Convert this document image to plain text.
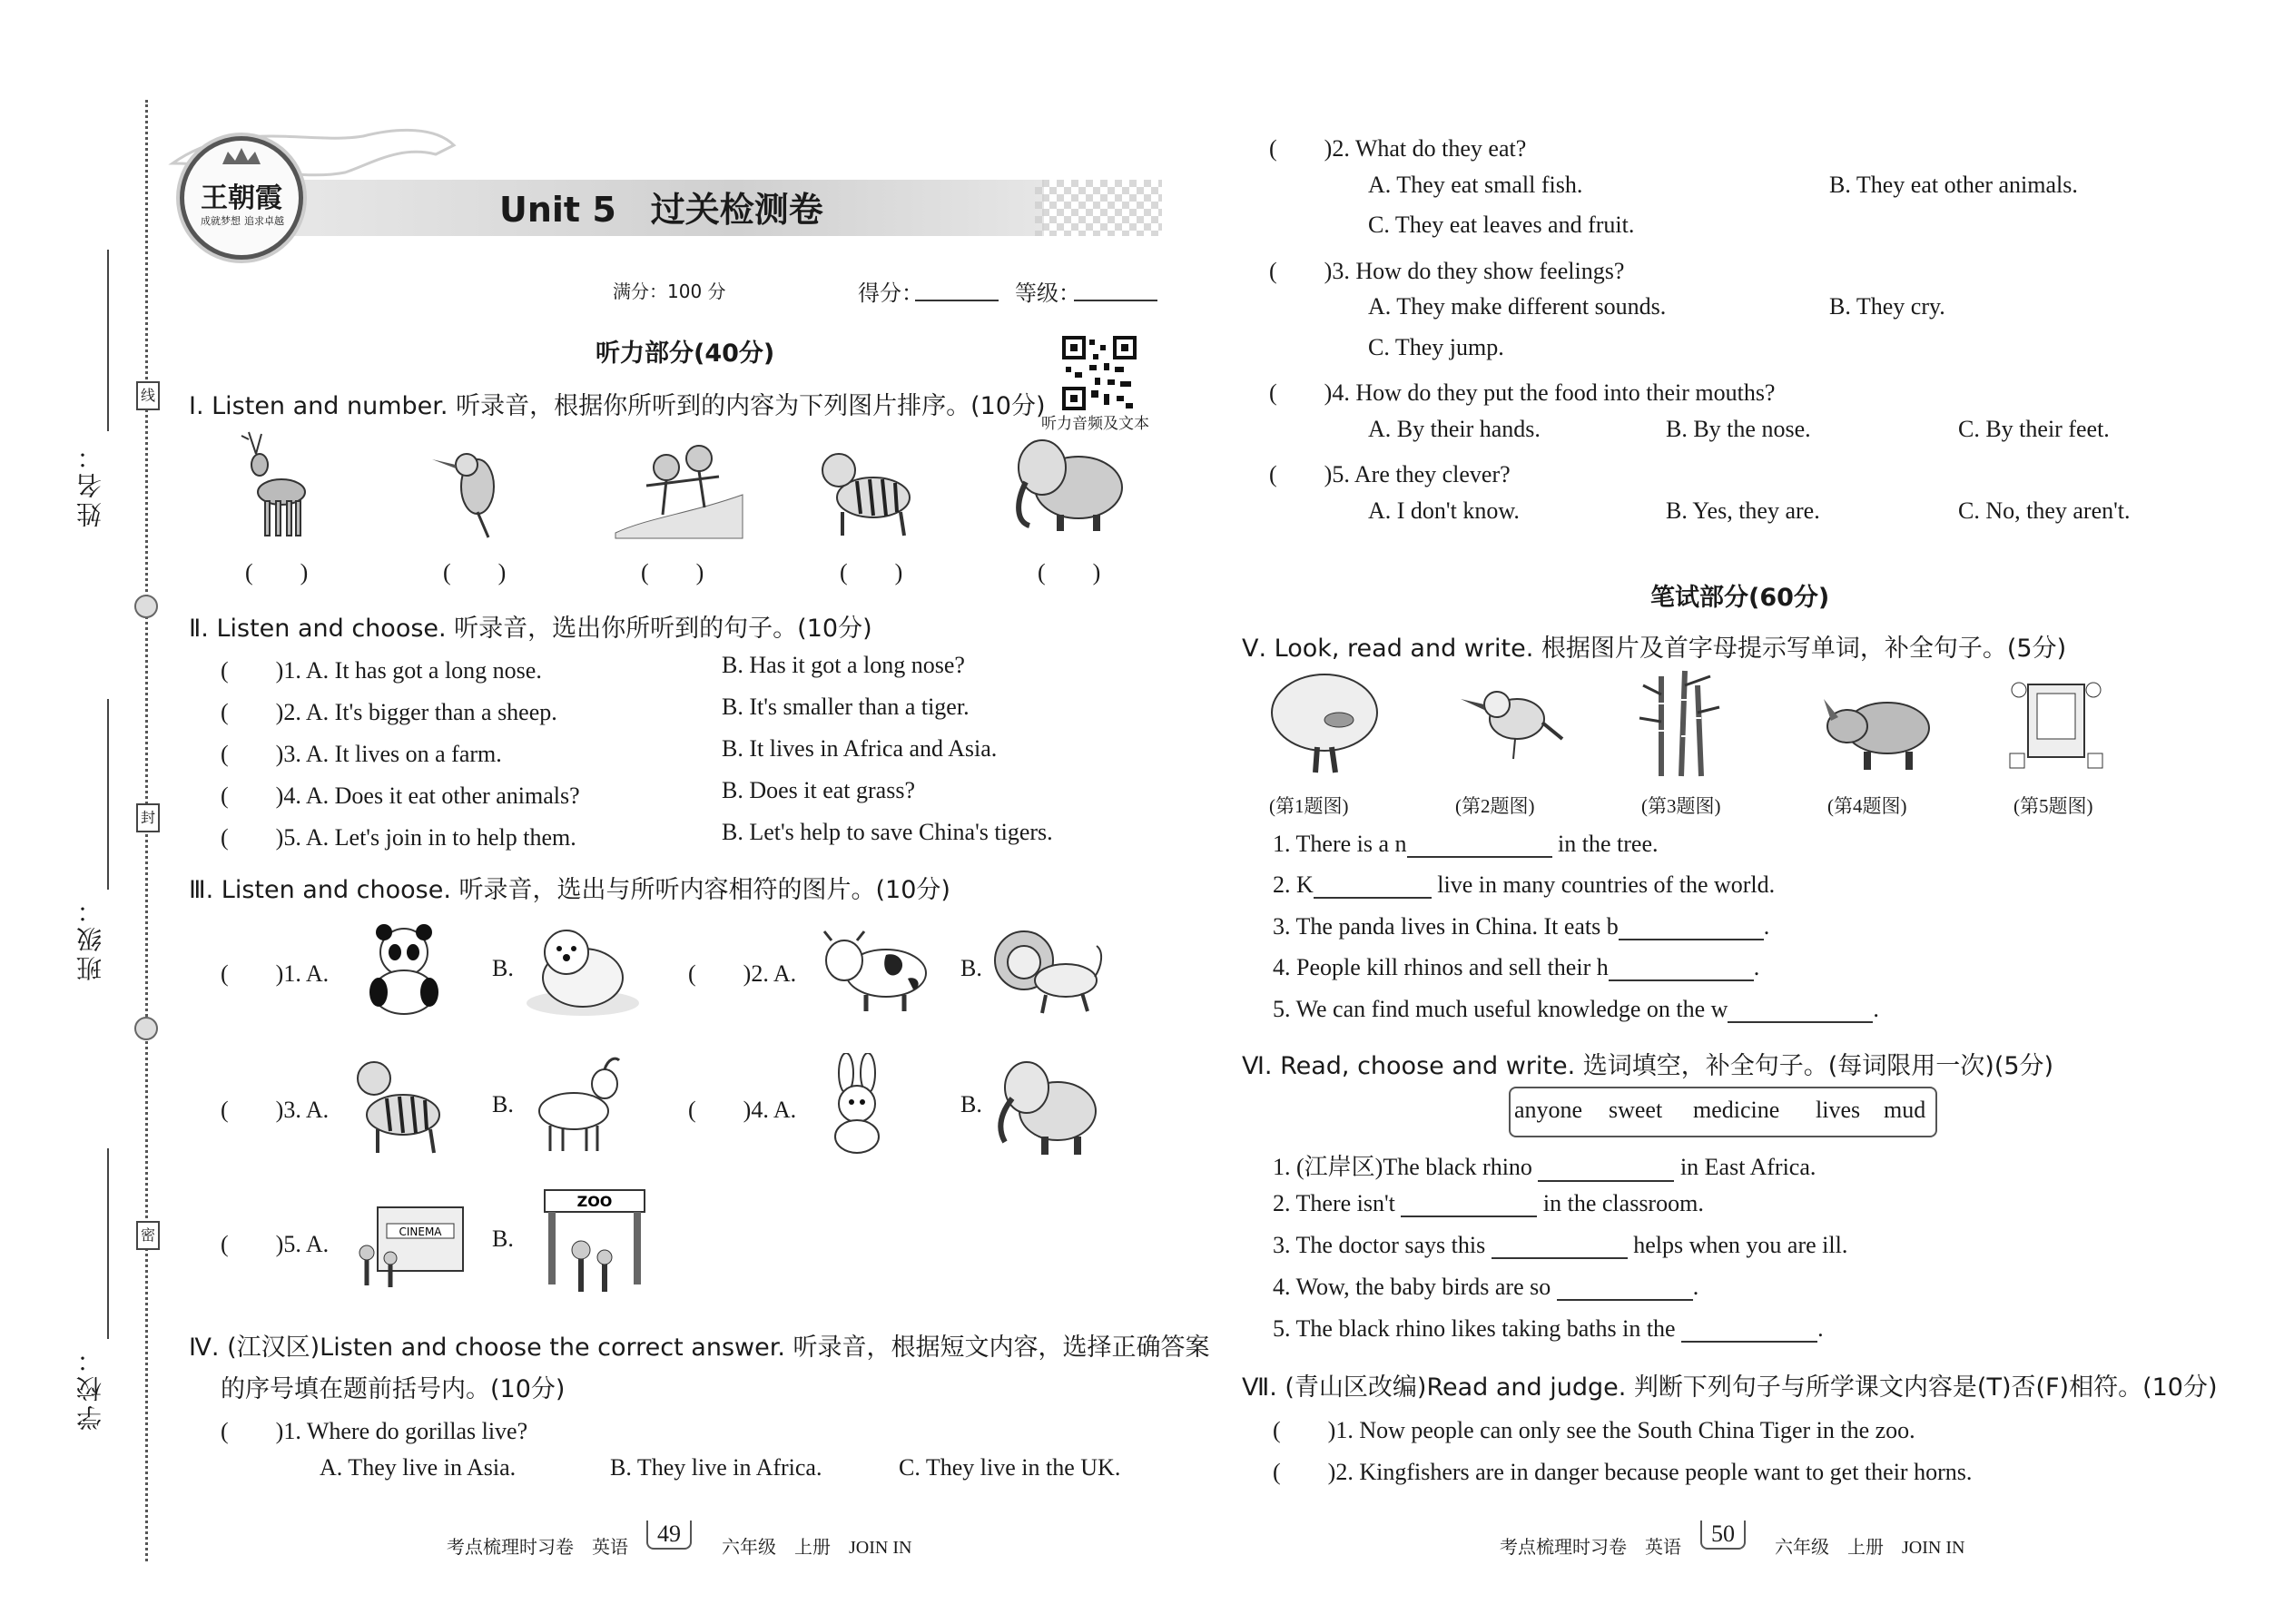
姓名：
班级：
学校：
线
封
密
王朝霞
成就梦想 追求卓越	Unit 5　过关检测卷
满分：100 分	得分：	等级：
听力音频及文本
听力部分(40分)
Ⅰ. Listen and number. 听录音，根据你所听到的内容为下列图片排序。(10分)
(　　)	(　　)	(　　)	(　　)	(　　)
Ⅱ. Listen and choose. 听录音，选出你所听到的句子。(10分)
(　　)1. A. It has got a long nose.	B. Has it got a long nose?
(　　)2. A. It's bigger than a sheep.	B. It's smaller than a tiger.
(　　)3. A. It lives on a farm.	B. It lives in Africa and Asia.
(　　)4. A. Does it eat other animals?	B. Does it eat grass?
(　　)5. A. Let's join in to help them.	B. Let's help to save China's tigers.
Ⅲ. Listen and choose. 听录音，选出与所听内容相符的图片。(10分)
(　　)1. A.	B.	(　　)2. A.	B.
(　　)3. A.	B.	(　　)4. A.	B.
(　　)5. A.	CINEMA B.
ZOO
Ⅳ. (江汉区)Listen and choose the correct answer. 听录音，根据短文内容，选择正确答案
的序号填在题前括号内。(10分)
(　　)1. Where do gorillas live?
A. They live in Asia.	B. They live in Africa.	C. They live in the UK.
(　　)2. What do they eat?
A. They eat small fish.	B. They eat other animals.
C. They eat leaves and fruit.
(　　)3. How do they show feelings?
A. They make different sounds.	B. They cry.
C. They jump.
(　　)4. How do they put the food into their mouths?
A. By their hands.	B. By the nose.	C. By their feet.
(　　)5. Are they clever?
A. I don't know.	B. Yes, they are.	C. No, they aren't.
笔试部分(60分)
Ⅴ. Look, read and write. 根据图片及首字母提示写单词，补全句子。(5分)
(第1题图)	(第2题图)	(第3题图)	(第4题图)	(第5题图)
1. There is a n	in the tree.
2. K	live in many countries of the world.
3. The panda lives in China. It eats b	.
4. People kill rhinos and sell their h	.
5. We can find much useful knowledge on the w	.
Ⅵ. Read, choose and write. 选词填空，补全句子。(每词限用一次)(5分)
anyone sweet medicine lives mud
1. (江岸区)The black rhino	in East Africa.
2. There isn't	in the classroom.
3. The doctor says this	helps when you are ill.
4. Wow, the baby birds are so	.
5. The black rhino likes taking baths in the	.
Ⅶ. (青山区改编)Read and judge. 判断下列句子与所学课文内容是(T)否(F)相符。(10分)
(　　)1. Now people can only see the South China Tiger in the zoo.
(　　)2. Kingfishers are in danger because people want to get their horns.
考点梳理时习卷　英语
49
六年级　上册　JOIN IN	考点梳理时习卷　英语
50
六年级　上册　JOIN IN
